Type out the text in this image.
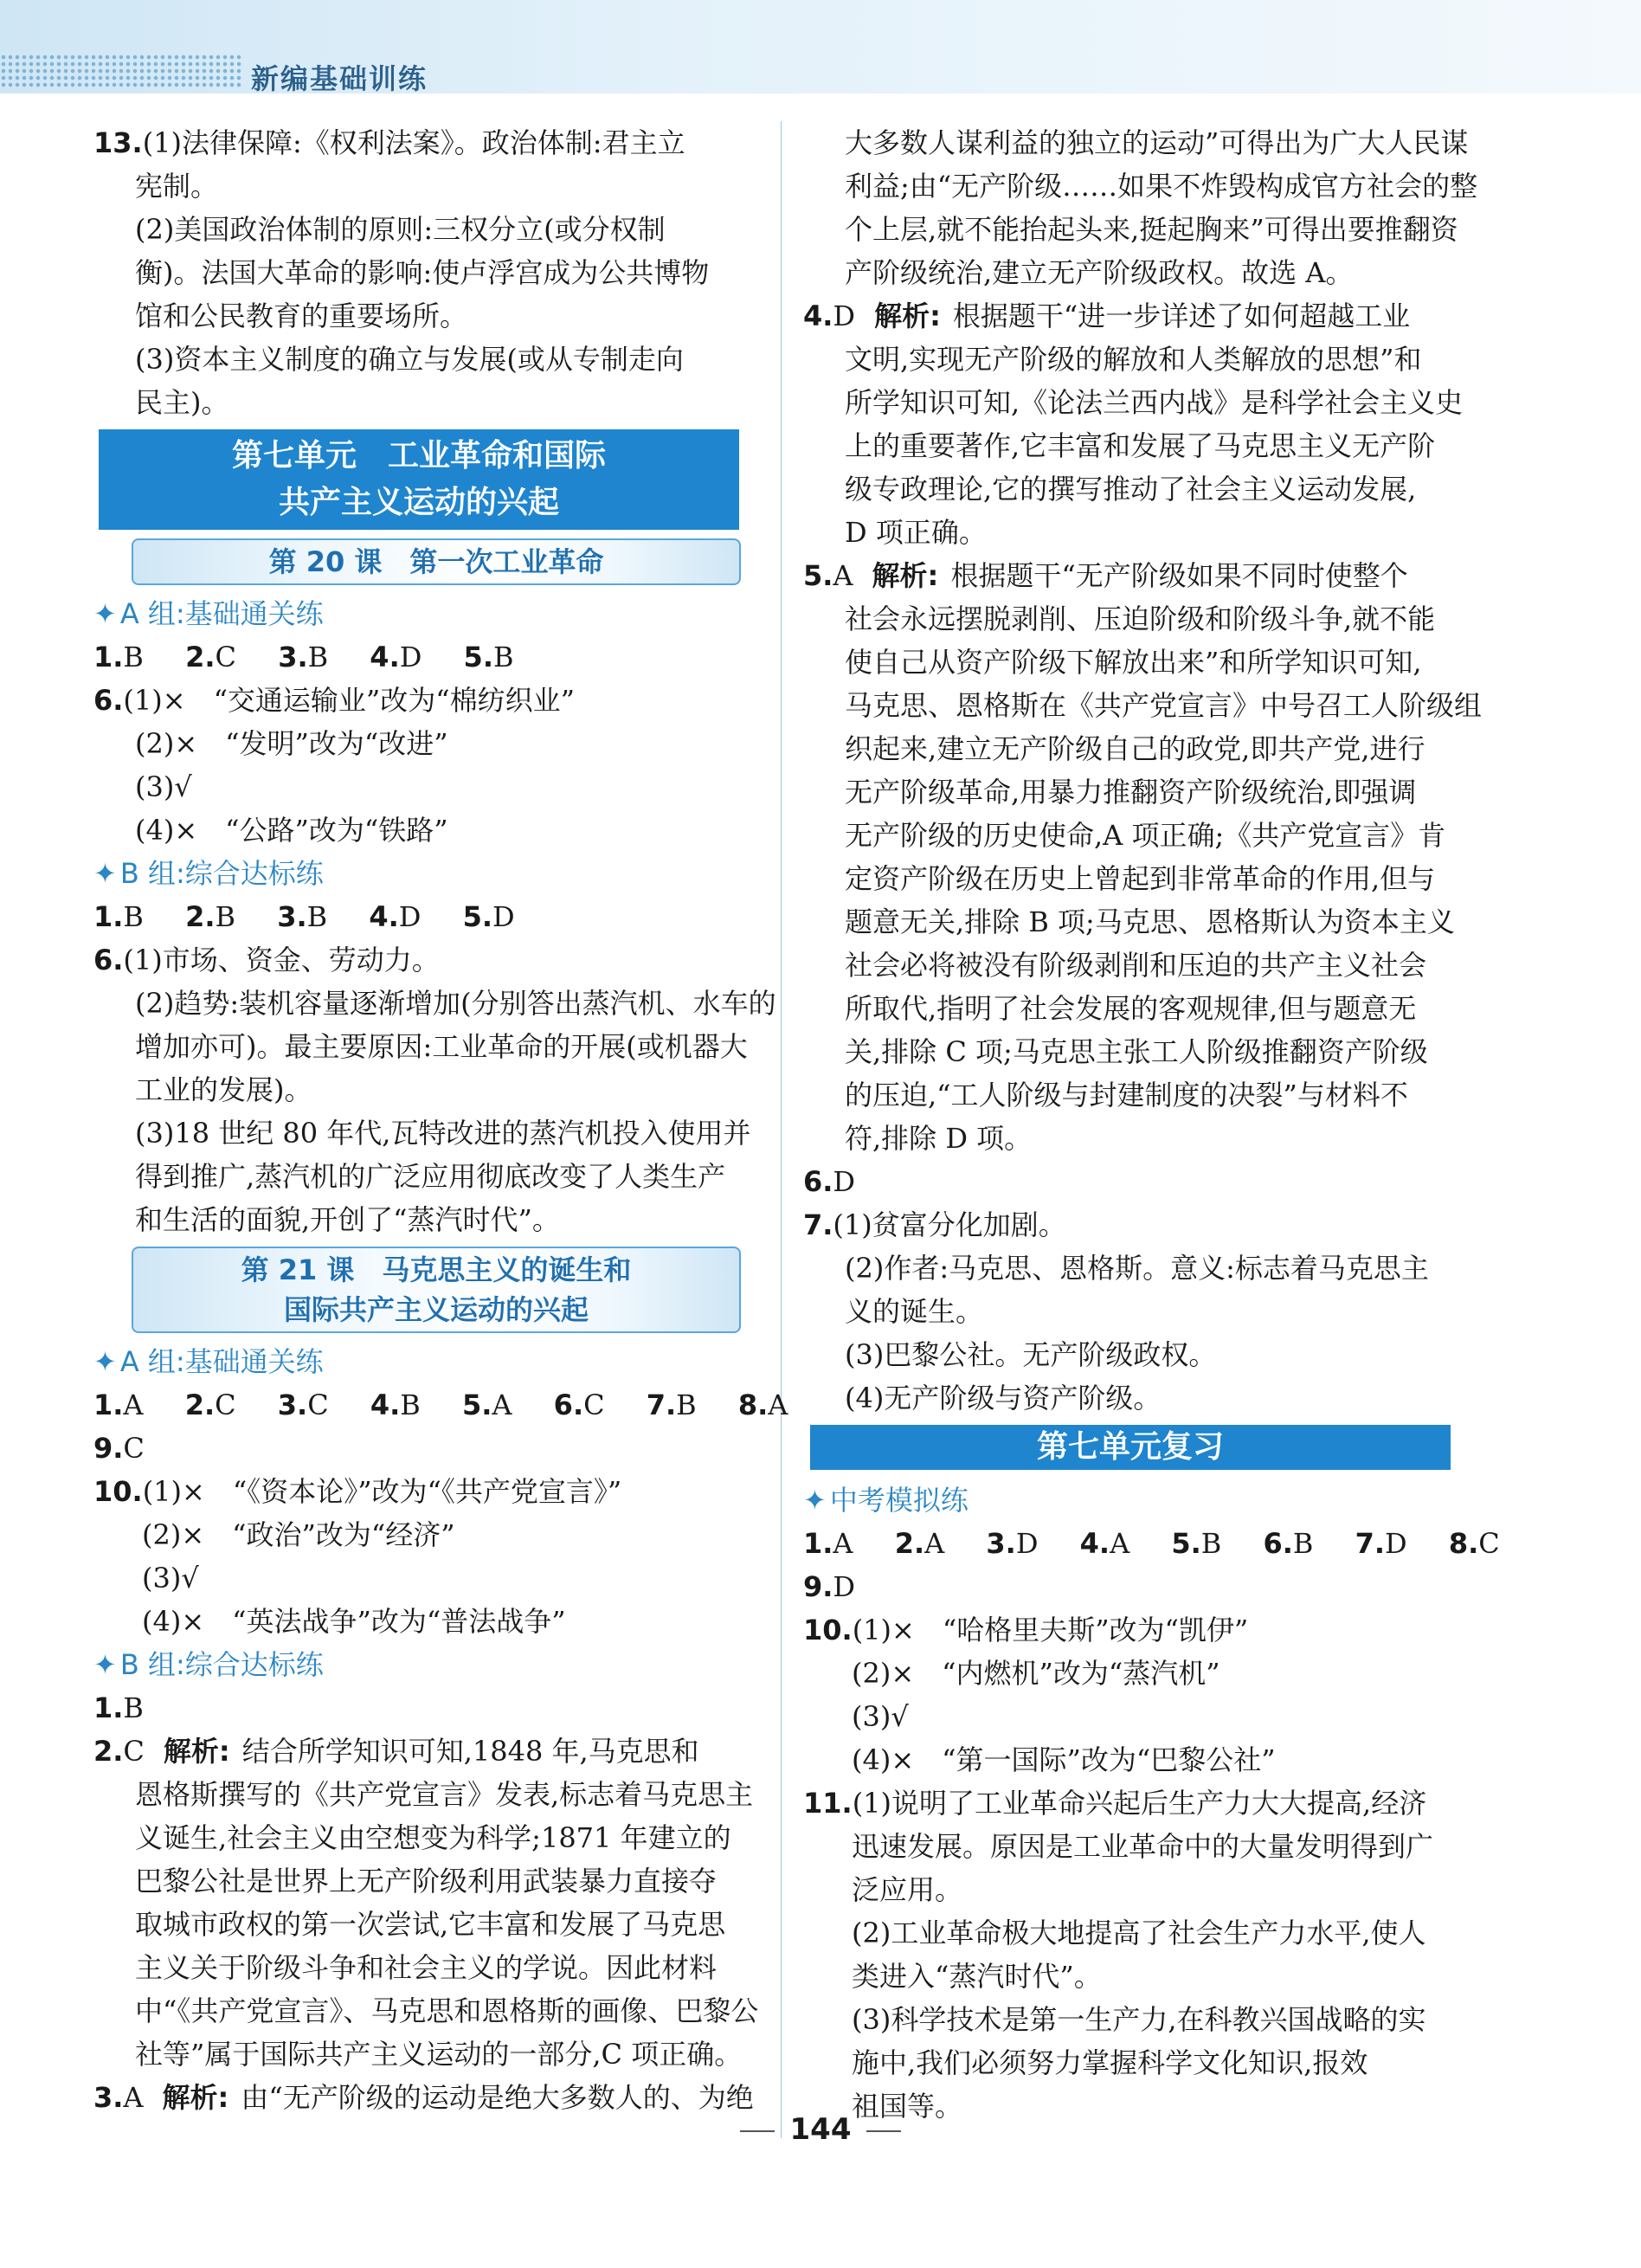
新编基础训练
13.(1)法律保障:《权利法案》。政治体制:君主立
宪制。
(2)美国政治体制的原则:三权分立(或分权制
衡)。法国大革命的影响:使卢浮宫成为公共博物
馆和公民教育的重要场所。
(3)资本主义制度的确立与发展(或从专制走向
民主)。
第七单元　工业革命和国际
共产主义运动的兴起
第 20 课　第一次工业革命
✦ A 组:基础通关练
1.B 2.C 3.B 4.D 5.B
6.(1)×　“交通运输业”改为“棉纺织业”
(2)×　“发明”改为“改进”
(3)√
(4)×　“公路”改为“铁路”
✦ B 组:综合达标练
1.B 2.B 3.B 4.D 5.D
6.(1)市场、资金、劳动力。
(2)趋势:装机容量逐渐增加(分别答出蒸汽机、水车的
增加亦可)。最主要原因:工业革命的开展(或机器大
工业的发展)。
(3)18 世纪 80 年代,瓦特改进的蒸汽机投入使用并
得到推广,蒸汽机的广泛应用彻底改变了人类生产
和生活的面貌,开创了“蒸汽时代”。
第 21 课　马克思主义的诞生和
国际共产主义运动的兴起
✦ A 组:基础通关练
1.A 2.C 3.C 4.B 5.A 6.C 7.B 8.A
9.C
10.(1)×　“《资本论》”改为“《共产党宣言》”
(2)×　“政治”改为“经济”
(3)√
(4)×　“英法战争”改为“普法战争”
✦ B 组:综合达标练
1.B
2.C 解析: 结合所学知识可知,1848 年,马克思和
恩格斯撰写的《共产党宣言》发表,标志着马克思主
义诞生,社会主义由空想变为科学;1871 年建立的
巴黎公社是世界上无产阶级利用武装暴力直接夺
取城市政权的第一次尝试,它丰富和发展了马克思
主义关于阶级斗争和社会主义的学说。因此材料
中“《共产党宣言》、马克思和恩格斯的画像、巴黎公
社等”属于国际共产主义运动的一部分,C 项正确。
3.A 解析: 由“无产阶级的运动是绝大多数人的、为绝
大多数人谋利益的独立的运动”可得出为广大人民谋
利益;由“无产阶级……如果不炸毁构成官方社会的整
个上层,就不能抬起头来,挺起胸来”可得出要推翻资
产阶级统治,建立无产阶级政权。故选 A。
4.D 解析: 根据题干“进一步详述了如何超越工业
文明,实现无产阶级的解放和人类解放的思想”和
所学知识可知,《论法兰西内战》是科学社会主义史
上的重要著作,它丰富和发展了马克思主义无产阶
级专政理论,它的撰写推动了社会主义运动发展,
D 项正确。
5.A 解析: 根据题干“无产阶级如果不同时使整个
社会永远摆脱剥削、压迫阶级和阶级斗争,就不能
使自己从资产阶级下解放出来”和所学知识可知,
马克思、恩格斯在《共产党宣言》中号召工人阶级组
织起来,建立无产阶级自己的政党,即共产党,进行
无产阶级革命,用暴力推翻资产阶级统治,即强调
无产阶级的历史使命,A 项正确;《共产党宣言》肯
定资产阶级在历史上曾起到非常革命的作用,但与
题意无关,排除 B 项;马克思、恩格斯认为资本主义
社会必将被没有阶级剥削和压迫的共产主义社会
所取代,指明了社会发展的客观规律,但与题意无
关,排除 C 项;马克思主张工人阶级推翻资产阶级
的压迫,“工人阶级与封建制度的决裂”与材料不
符,排除 D 项。
6.D
7.(1)贫富分化加剧。
(2)作者:马克思、恩格斯。意义:标志着马克思主
义的诞生。
(3)巴黎公社。无产阶级政权。
(4)无产阶级与资产阶级。
第七单元复习
✦ 中考模拟练
1.A 2.A 3.D 4.A 5.B 6.B 7.D 8.C
9.D
10.(1)×　“哈格里夫斯”改为“凯伊”
(2)×　“内燃机”改为“蒸汽机”
(3)√
(4)×　“第一国际”改为“巴黎公社”
11.(1)说明了工业革命兴起后生产力大大提高,经济
迅速发展。原因是工业革命中的大量发明得到广
泛应用。
(2)工业革命极大地提高了社会生产力水平,使人
类进入“蒸汽时代”。
(3)科学技术是第一生产力,在科教兴国战略的实
施中,我们必须努力掌握科学文化知识,报效
祖国等。
144
